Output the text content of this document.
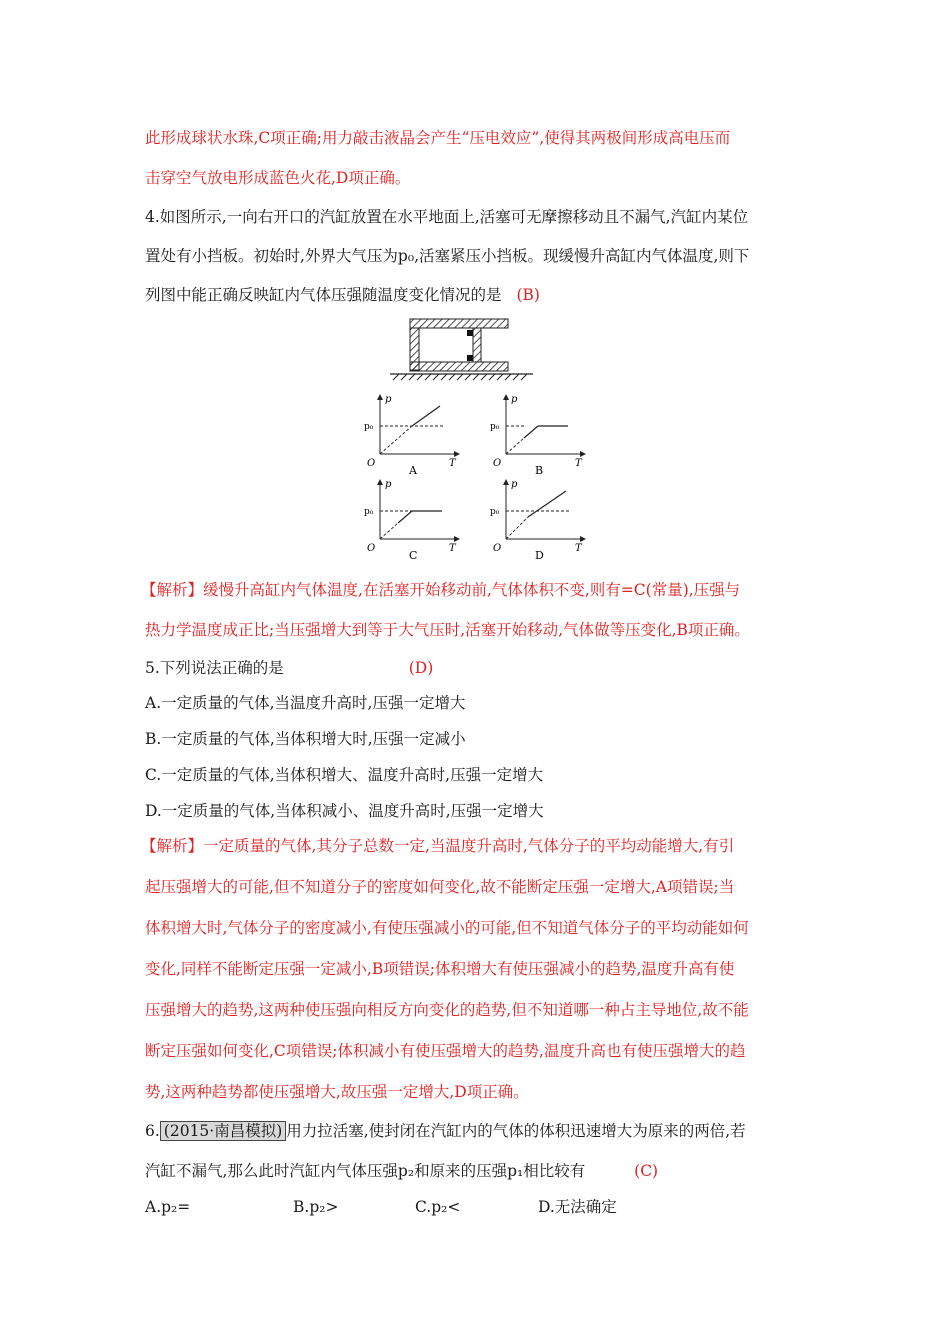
此形成球状水珠,C项正确;用力敲击液晶会产生“压电效应”,使得其两极间形成高电压而
击穿空气放电形成蓝色火花,D项正确。
4.如图所示,一向右开口的汽缸放置在水平地面上,活塞可无摩擦移动且不漏气,汽缸内某位
置处有小挡板。初始时,外界大气压为p₀,活塞紧压小挡板。现缓慢升高缸内气体温度,则下
列图中能正确反映缸内气体压强随温度变化情况的是 (B)
p
T
O
p₀
A
p
T
O
p₀
B
p
T
O
p₀
C
p
T
O
p₀
D
【解析】缓慢升高缸内气体温度,在活塞开始移动前,气体体积不变,则有=C(常量),压强与
热力学温度成正比;当压强增大到等于大气压时,活塞开始移动,气体做等压变化,B项正确。
5.下列说法正确的是	(D)
A.一定质量的气体,当温度升高时,压强一定增大
B.一定质量的气体,当体积增大时,压强一定减小
C.一定质量的气体,当体积增大、温度升高时,压强一定增大
D.一定质量的气体,当体积减小、温度升高时,压强一定增大
【解析】一定质量的气体,其分子总数一定,当温度升高时,气体分子的平均动能增大,有引
起压强增大的可能,但不知道分子的密度如何变化,故不能断定压强一定增大,A项错误;当
体积增大时,气体分子的密度减小,有使压强减小的可能,但不知道气体分子的平均动能如何
变化,同样不能断定压强一定减小,B项错误;体积增大有使压强减小的趋势,温度升高有使
压强增大的趋势,这两种使压强向相反方向变化的趋势,但不知道哪一种占主导地位,故不能
断定压强如何变化,C项错误;体积减小有使压强增大的趋势,温度升高也有使压强增大的趋
势,这两种趋势都使压强增大,故压强一定增大,D项正确。
6. (2015·南昌模拟) 用力拉活塞,使封闭在汽缸内的气体的体积迅速增大为原来的两倍,若
汽缸不漏气,那么此时汽缸内气体压强p₂和原来的压强p₁相比较有	(C)
A.p₂=	B.p₂>	C.p₂<	D.无法确定
